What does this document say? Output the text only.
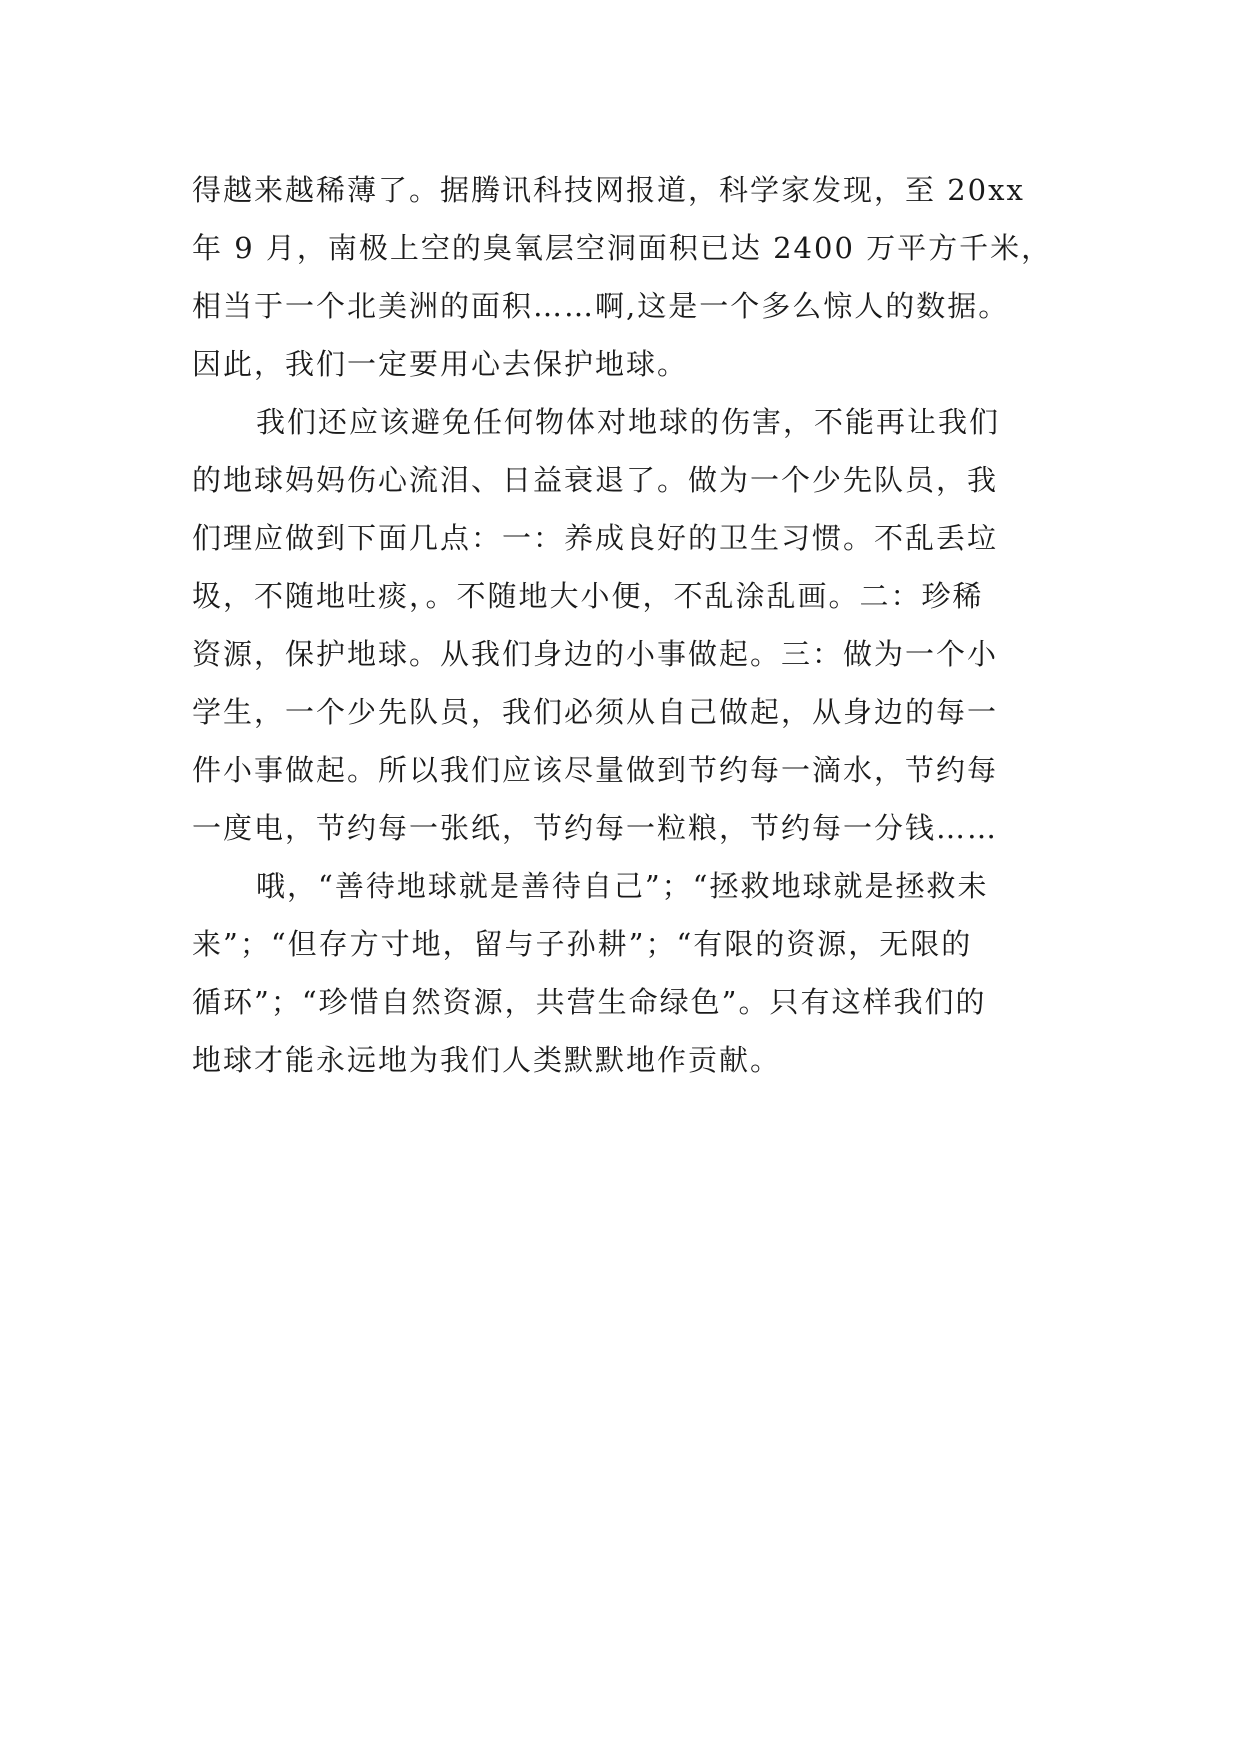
得越来越稀薄了。据腾讯科技网报道，科学家发现，至 20xx
年 9 月，南极上空的臭氧层空洞面积已达 2400 万平方千米，
相当于一个北美洲的面积……啊,这是一个多么惊人的数据。
因此，我们一定要用心去保护地球。
我们还应该避免任何物体对地球的伤害，不能再让我们
的地球妈妈伤心流泪、日益衰退了。做为一个少先队员，我
们理应做到下面几点：一：养成良好的卫生习惯。不乱丢垃
圾，不随地吐痰，。不随地大小便，不乱涂乱画。二：珍稀
资源，保护地球。从我们身边的小事做起。三：做为一个小
学生，一个少先队员，我们必须从自己做起，从身边的每一
件小事做起。所以我们应该尽量做到节约每一滴水，节约每
一度电，节约每一张纸，节约每一粒粮，节约每一分钱……
哦，“善待地球就是善待自己”；“拯救地球就是拯救未
来”；“但存方寸地，留与子孙耕”；“有限的资源，无限的
循环”；“珍惜自然资源，共营生命绿色”。只有这样我们的
地球才能永远地为我们人类默默地作贡献。
